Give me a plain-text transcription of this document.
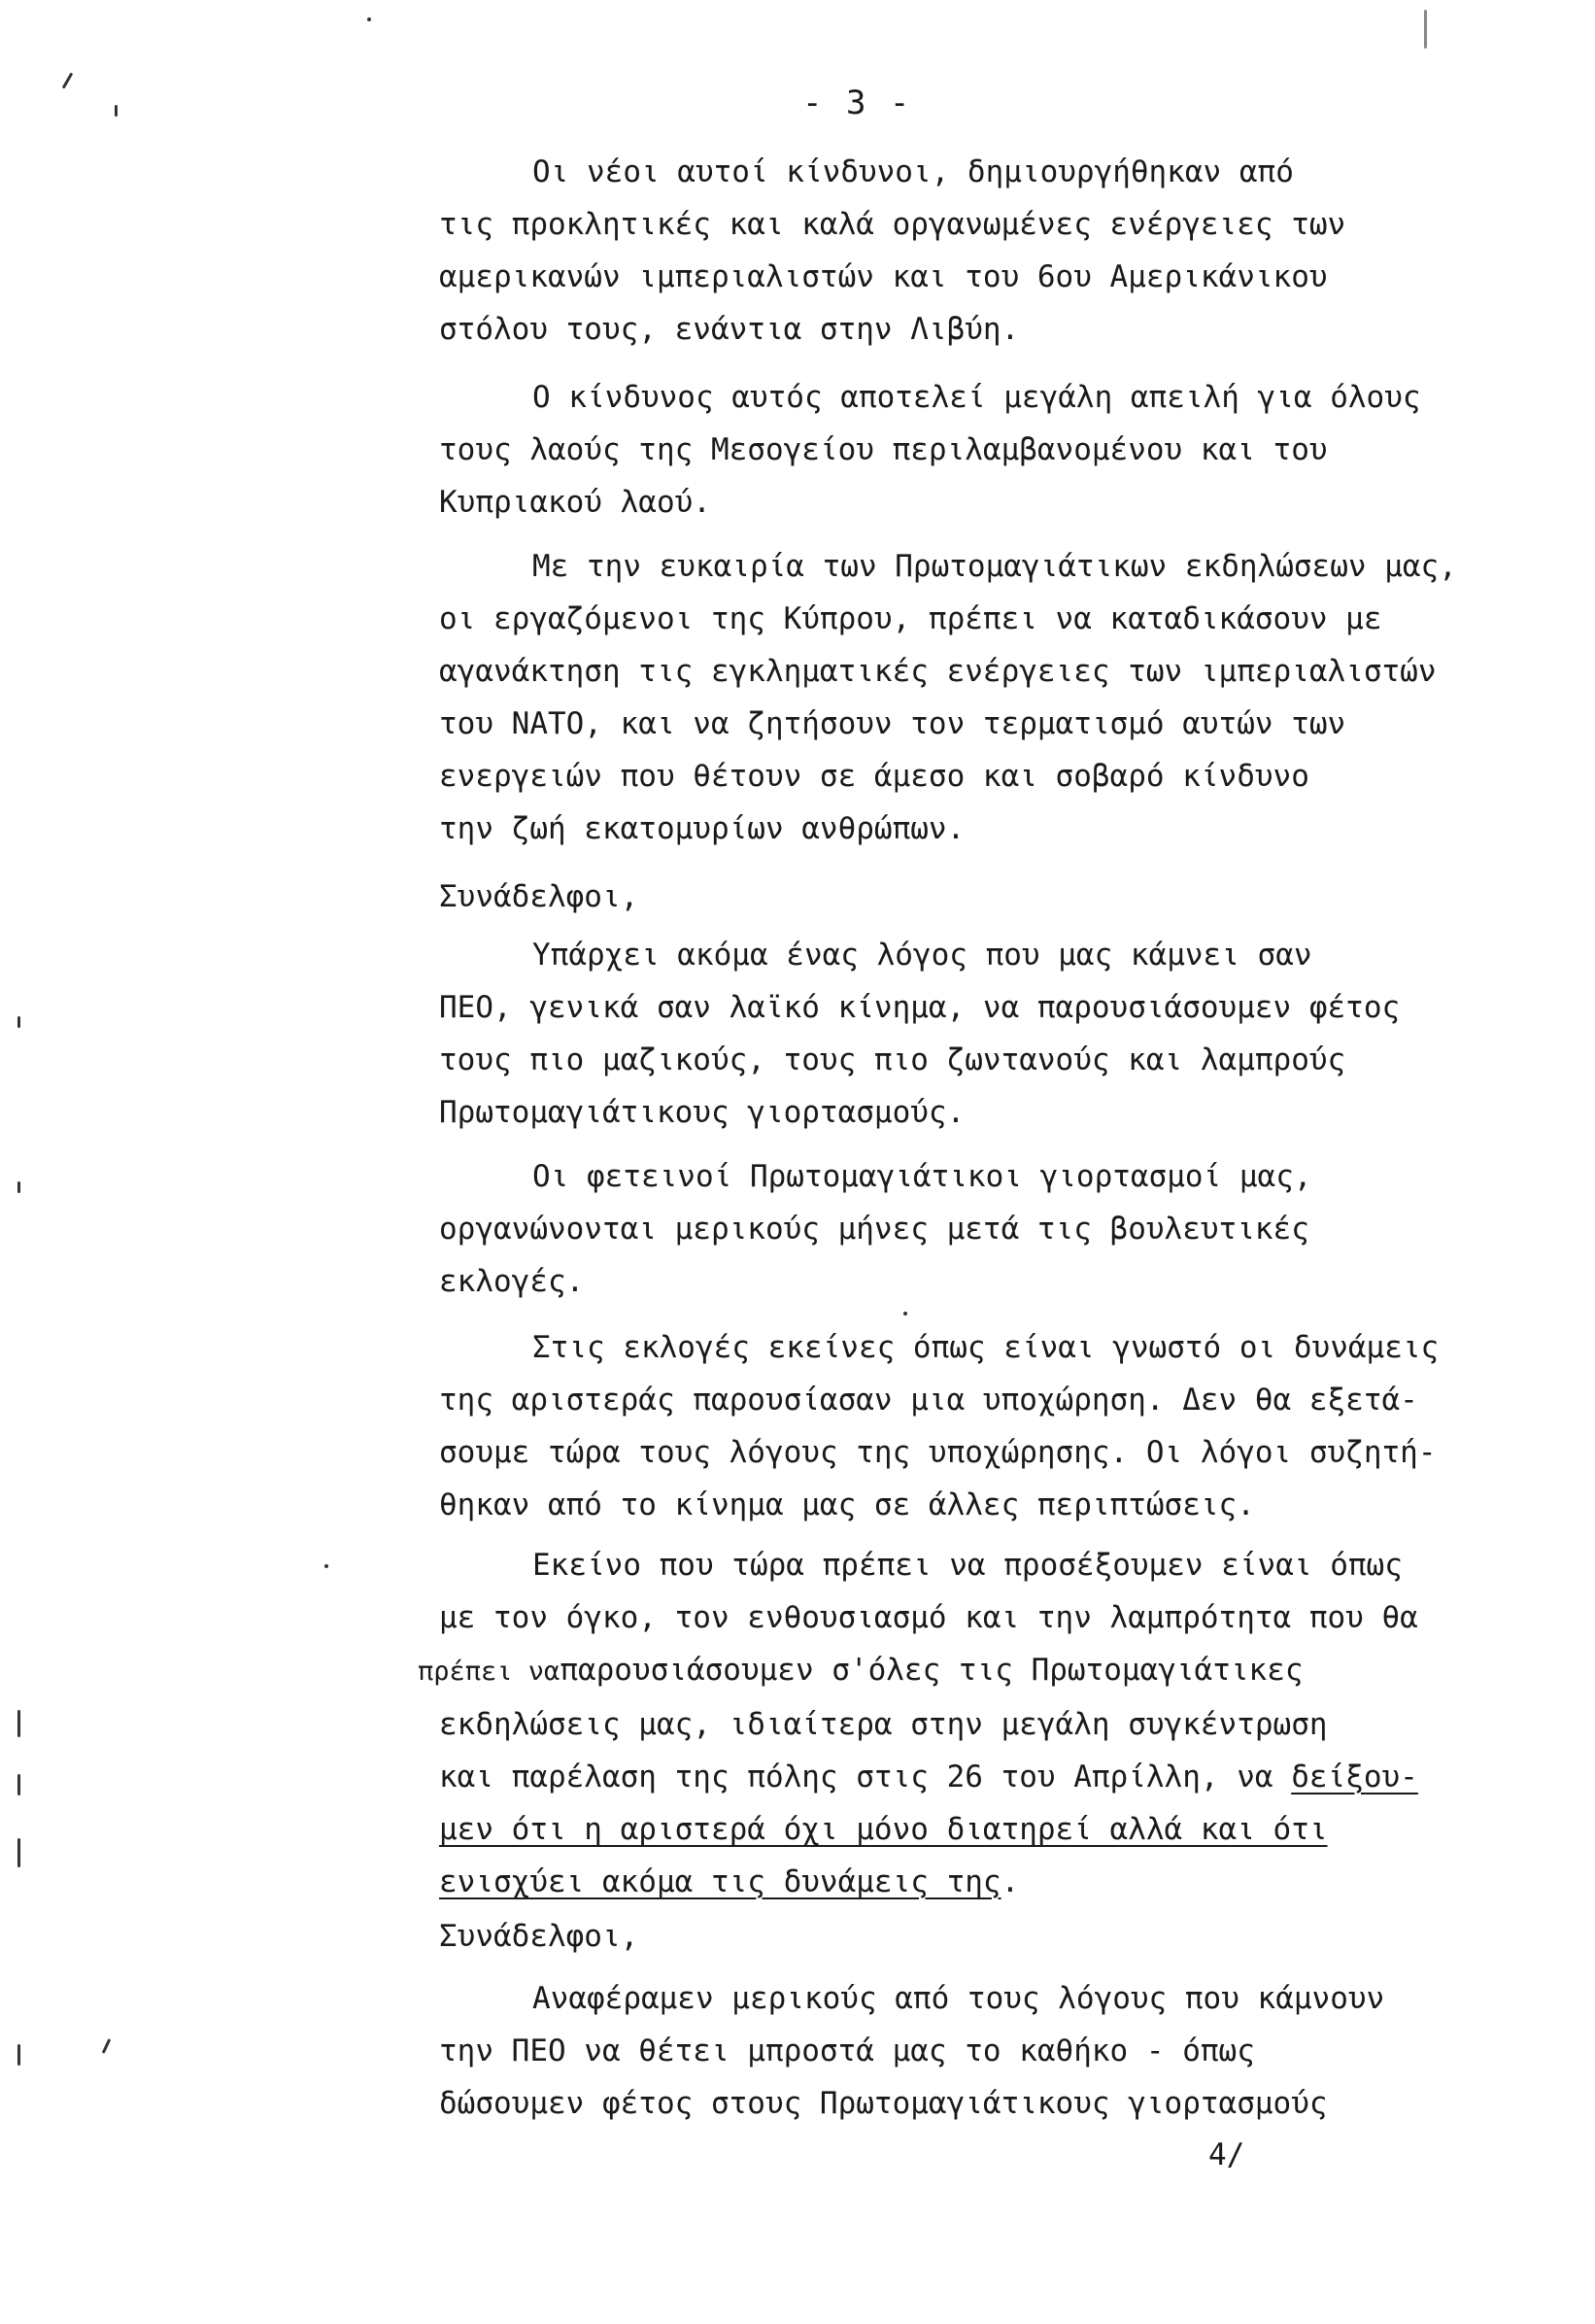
- 3 -
Οι νέοι αυτοί κίνδυνοι, δημιουργήθηκαν από
τις προκλητικές και καλά οργανωμένες ενέργειες των
αμερικανών ιμπεριαλιστών και του 6ου Αμερικάνικου
στόλου τους, ενάντια στην Λιβύη.
Ο κίνδυνος αυτός αποτελεί μεγάλη απειλή για όλους
τους λαούς της Μεσογείου περιλαμβανομένου και του
Κυπριακού λαού.
Με την ευκαιρία των Πρωτομαγιάτικων εκδηλώσεων μας,
οι εργαζόμενοι της Κύπρου, πρέπει να καταδικάσουν με
αγανάκτηση τις εγκληματικές ενέργειες των ιμπεριαλιστών
του ΝΑΤΟ, και να ζητήσουν τον τερματισμό αυτών των
ενεργειών που θέτουν σε άμεσο και σοβαρό κίνδυνο
την ζωή εκατομυρίων ανθρώπων.
Συνάδελφοι,
Υπάρχει ακόμα ένας λόγος που μας κάμνει σαν
ΠΕΟ, γενικά σαν λαϊκό κίνημα, να παρουσιάσουμεν φέτος
τους πιο μαζικούς, τους πιο ζωντανούς και λαμπρούς
Πρωτομαγιάτικους γιορτασμούς.
Οι φετεινοί Πρωτομαγιάτικοι γιορτασμοί μας,
οργανώνονται μερικούς μήνες μετά τις βουλευτικές
εκλογές.
Στις εκλογές εκείνες όπως είναι γνωστό οι δυνάμεις
της αριστεράς παρουσίασαν μια υποχώρηση. Δεν θα εξετά-
σουμε τώρα τους λόγους της υποχώρησης. Οι λόγοι συζητή-
θηκαν από το κίνημα μας σε άλλες περιπτώσεις.
Εκείνο που τώρα πρέπει να προσέξουμεν είναι όπως
με τον όγκο, τον ενθουσιασμό και την λαμπρότητα που θα
πρέπει ναπαρουσιάσουμεν σ'όλες τις Πρωτομαγιάτικες
εκδηλώσεις μας, ιδιαίτερα στην μεγάλη συγκέντρωση
και παρέλαση της πόλης στις 26 του Απρίλλη, να δείξου-
μεν ότι η αριστερά όχι μόνο διατηρεί αλλά και ότι
ενισχύει ακόμα τις δυνάμεις της.
Συνάδελφοι,
Αναφέραμεν μερικούς από τους λόγους που κάμνουν
την ΠΕΟ να θέτει μπροστά μας το καθήκο - όπως
δώσουμεν φέτος στους Πρωτομαγιάτικους γιορτασμούς
4/
